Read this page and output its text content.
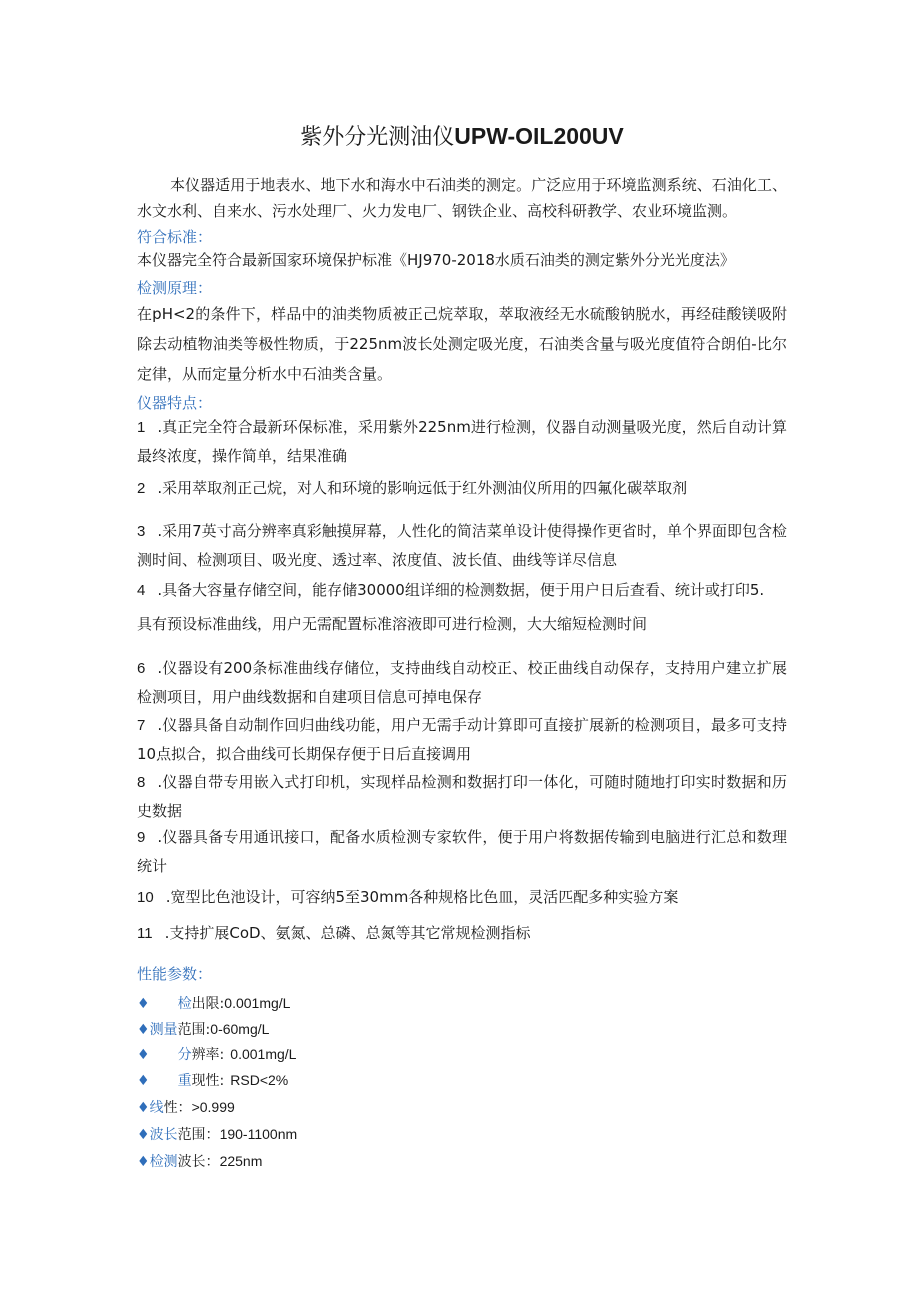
紫外分光测油仪UPW-OIL200UV
本仪器适用于地表水、地下水和海水中石油类的测定。广泛应用于环境监测系统、石油化工、水文水利、自来水、污水处理厂、火力发电厂、钢铁企业、高校科研教学、农业环境监测。
符合标准：
本仪器完全符合最新国家环境保护标准《HJ970-2018水质石油类的测定紫外分光光度法》
检测原理：
在pH<2的条件下，样品中的油类物质被正己烷萃取，萃取液经无水硫酸钠脱水，再经硅酸镁吸附除去动植物油类等极性物质，于225nm波长处测定吸光度，石油类含量与吸光度值符合朗伯-比尔定律，从而定量分析水中石油类含量。
仪器特点：
1 .真正完全符合最新环保标准，采用紫外225nm进行检测，仪器自动测量吸光度，然后自动计算最终浓度，操作简单，结果准确
2 .采用萃取剂正己烷，对人和环境的影响远低于红外测油仪所用的四氟化碳萃取剂
3 .采用7英寸高分辨率真彩触摸屏幕，人性化的简洁菜单设计使得操作更省时，单个界面即包含检测时间、检测项目、吸光度、透过率、浓度值、波长值、曲线等详尽信息
4 .具备大容量存储空间，能存储30000组详细的检测数据，便于用户日后查看、统计或打印5.
具有预设标准曲线，用户无需配置标准溶液即可进行检测，大大缩短检测时间
6 .仪器设有200条标准曲线存储位，支持曲线自动校正、校正曲线自动保存，支持用户建立扩展检测项目，用户曲线数据和自建项目信息可掉电保存
7 .仪器具备自动制作回归曲线功能，用户无需手动计算即可直接扩展新的检测项目，最多可支持10点拟合，拟合曲线可长期保存便于日后直接调用
8 .仪器自带专用嵌入式打印机，实现样品检测和数据打印一体化，可随时随地打印实时数据和历史数据
9 .仪器具备专用通讯接口，配备水质检测专家软件，便于用户将数据传输到电脑进行汇总和数理统计
10 .宽型比色池设计，可容纳5至30mm各种规格比色皿，灵活匹配多种实验方案
11 .支持扩展CoD、氨氮、总磷、总氮等其它常规检测指标
性能参数：
♦ 检出限:0.001mg/L
♦测量范围:0-60mg/L
♦ 分辨率: 0.001mg/L
♦ 重现性: RSD<2%
♦线性：>0.999
♦波长范围：190-1100nm
♦检测波长：225nm
